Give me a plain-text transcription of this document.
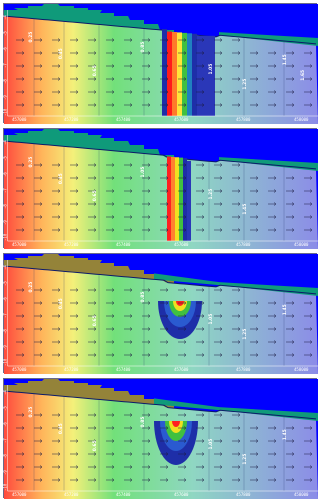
457000	457200	457400	457600	457800	458000
-4
-5
-6
-7
-8
-9
-10
0.25
0.45
0.65
0.85
1.05
1.25
1.45
1.65
457000	457200	457400	457600	457800	458000
-4
-5
-6
-7
-8
-9
-10
0.25
0.45
0.65
1.05
1.25
1.45
457000	457200	457400	457600	457800	458000
-4
-5
-6
-7
-8
-9
-10
0.25
0.45
0.65
0.85
1.05
1.25
1.45
457000	457200	457400	457600	457800	458000
-4
-5
-6
-7
-8
-9
-10
0.25
0.45
0.65
0.85
1.05
1.25
1.45
